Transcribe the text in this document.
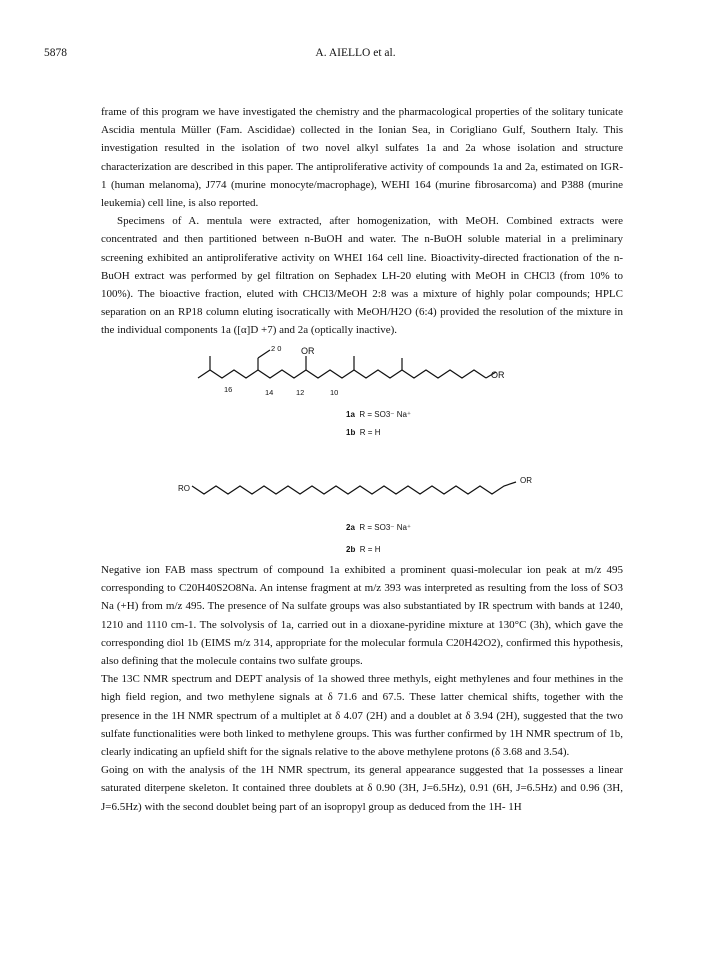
5878	A. AIELLO et al.

frame of this program we have investigated the chemistry and the pharmacological properties of the solitary tunicate Ascidia mentula Müller (Fam. Ascididae) collected in the Ionian Sea, in Corigliano Gulf, Southern Italy. This investigation resulted in the isolation of two novel alkyl sulfates 1a and 2a whose isolation and structure characterization are described in this paper. The antiproliferative activity of compounds 1a and 2a, estimated on IGR-1 (human melanoma), J774 (murine monocyte/macrophage), WEHI 164 (murine fibrosarcoma) and P388 (murine leukemia) cell line, is also reported.

Specimens of A. mentula were extracted, after homogenization, with MeOH. Combined extracts were concentrated and then partitioned between n-BuOH and water. The n-BuOH soluble material in a preliminary screening exhibited an antiproliferative activity on WHEI 164 cell line. Bioactivity-directed fractionation of the n-BuOH extract was performed by gel filtration on Sephadex LH-20 eluting with MeOH in CHCl3 (from 10% to 100%). The bioactive fraction, eluted with CHCl3/MeOH 2:8 was a mixture of highly polar compounds; HPLC separation on an RP18 column eluting isocratically with MeOH/H2O (6:4) provided the resolution of the mixture in the individual components 1a ([α]D +7) and 2a (optically inactive).

2 0 OR
OR
16	14	12	10
1a R = SO3⁻ Na⁺
1b R = H
RO
OR
2a R = SO3⁻ Na⁺
2b R = H

Negative ion FAB mass spectrum of compound 1a exhibited a prominent quasi-molecular ion peak at m/z 495 corresponding to C20H40S2O8Na. An intense fragment at m/z 393 was interpreted as resulting from the loss of SO3 Na (+H) from m/z 495. The presence of Na sulfate groups was also substantiated by IR spectrum with bands at 1240, 1210 and 1110 cm-1. The solvolysis of 1a, carried out in a dioxane-pyridine mixture at 130°C (3h), which gave the corresponding diol 1b (EIMS m/z 314, appropriate for the molecular formula C20H42O2), confirmed this hypothesis, also defining that the molecule contains two sulfate groups.

The 13C NMR spectrum and DEPT analysis of 1a showed three methyls, eight methylenes and four methines in the high field region, and two methylene signals at δ 71.6 and 67.5. These latter chemical shifts, together with the presence in the 1H NMR spectrum of a multiplet at δ 4.07 (2H) and a doublet at δ 3.94 (2H), suggested that the two sulfate functionalities were both linked to methylene groups. This was further confirmed by 1H NMR spectrum of 1b, clearly indicating an upfield shift for the signals relative to the above methylene protons (δ 3.68 and 3.54).

Going on with the analysis of the 1H NMR spectrum, its general appearance suggested that 1a possesses a linear saturated diterpene skeleton. It contained three doublets at δ 0.90 (3H, J=6.5Hz), 0.91 (6H, J=6.5Hz) and 0.96 (3H, J=6.5Hz) with the second doublet being part of an isopropyl group as deduced from the 1H- 1H
